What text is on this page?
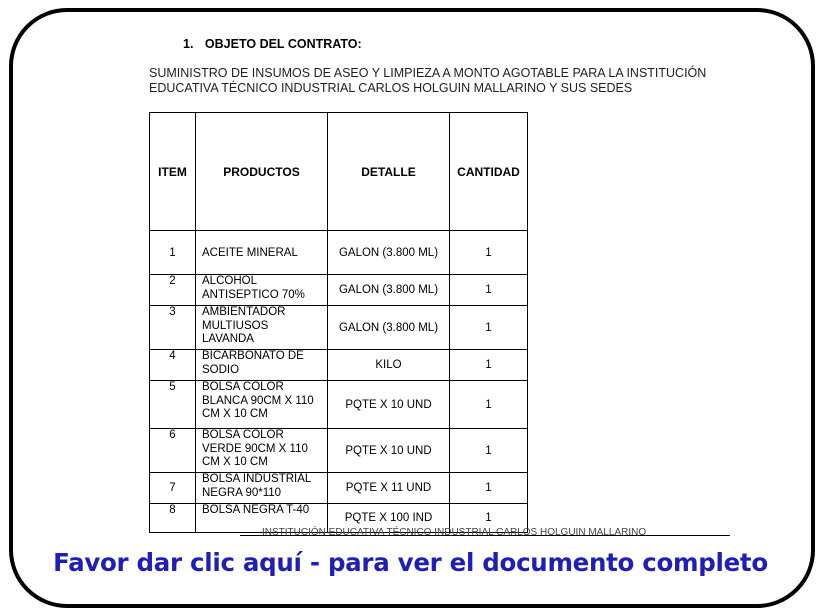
1. OBJETO DEL CONTRATO:
SUMINISTRO DE INSUMOS DE ASEO Y LIMPIEZA A MONTO AGOTABLE PARA LA INSTITUCIÓN
EDUCATIVA TÉCNICO INDUSTRIAL CARLOS HOLGUIN MALLARINO Y SUS SEDES
ITEM	PRODUCTOS	DETALLE	CANTIDAD
1	ACEITE MINERAL	GALON (3.800 ML)	1
2	ALCOHOL ANTISEPTICO 70%	GALON (3.800 ML)	1
3	AMBIENTADOR MULTIUSOS LAVANDA	GALON (3.800 ML)	1
4	BICARBONATO DE SODIO	KILO	1
5	BOLSA COLOR BLANCA 90CM X 110 CM X 10 CM	PQTE X 10 UND	1
6	BOLSA COLOR VERDE 90CM X 110 CM X 10 CM	PQTE X 10 UND	1
7	BOLSA INDUSTRIAL NEGRA 90*110	PQTE X 11 UND	1
8	BOLSA NEGRA T-40	PQTE X 100 IND	1
INSTITUCIÓN EDUCATIVA TÉCNICO INDUSTRIAL CARLOS HOLGUIN MALLARINO
Favor dar clic aquí - para ver el documento completo
